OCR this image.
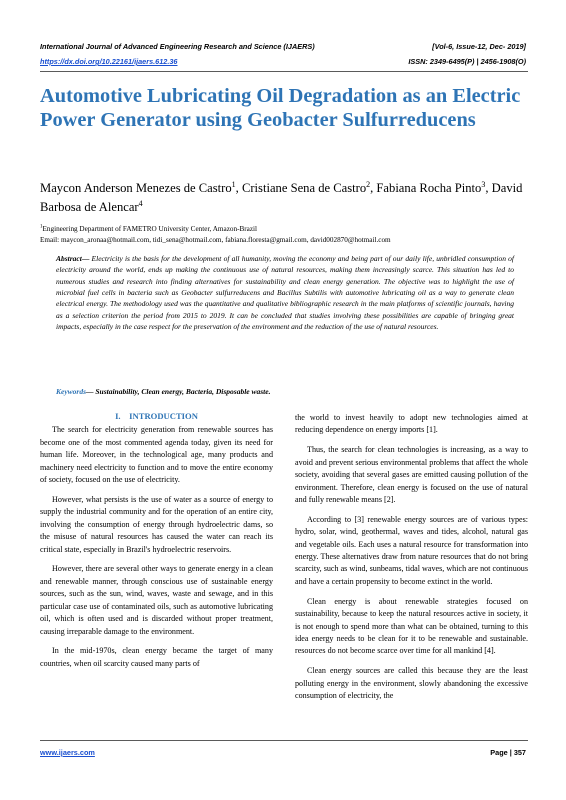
International Journal of Advanced Engineering Research and Science (IJAERS)	[Vol-6, Issue-12, Dec- 2019]
https://dx.doi.org/10.22161/ijaers.612.36	ISSN: 2349-6495(P) | 2456-1908(O)
Automotive Lubricating Oil Degradation as an Electric Power Generator using Geobacter Sulfurreducens
Maycon Anderson Menezes de Castro$^1$, Cristiane Sena de Castro$^2$, Fabiana Rocha Pinto$^3$, David Barbosa de Alencar$^4$
$^1$Engineering Department of FAMETRO University Center, Amazon-Brazil
Email: maycon_aronaa@hotmail.com, tidi_sena@hotmail.com, fabiana.floresta@gmail.com, david002870@hotmail.com
Abstract— Electricity is the basis for the development of all humanity, moving the economy and being part of our daily life, unbridled consumption of electricity around the world, ends up making the continuous use of natural resources, making them increasingly scarce. This situation has led to numerous studies and research into finding alternatives for sustainability and clean energy generation. The objective was to highlight the use of microbial fuel cells in bacteria such as Geobacter sulfurreducens and Bacillus Subtilis with automotive lubricating oil as a way to generate clean electrical energy. The methodology used was the quantitative and qualitative bibliographic research in the main platforms of scientific journals, having as a selection criterion the period from 2015 to 2019. It can be concluded that studies involving these possibilities are capable of bringing great impacts, especially in the case respect for the preservation of the environment and the reduction of the use of natural resources.
Keywords— Sustainability, Clean energy, Bacteria, Disposable waste.
I. INTRODUCTION

The search for electricity generation from renewable sources has become one of the most commented agenda today, given its need for human life. Moreover, in the technological age, many products and machinery need electricity to function and to move the entire economy of society, focused on the use of electricity.

However, what persists is the use of water as a source of energy to supply the industrial community and for the operation of an entire city, involving the consumption of energy through hydroelectric dams, so the misuse of natural resources has caused the water can reach its critical state, especially in Brazil's hydroelectric reservoirs.

However, there are several other ways to generate energy in a clean and renewable manner, through conscious use of sustainable energy sources, such as the sun, wind, waves, waste and sewage, and in this particular case use of contaminated oils, such as automotive lubricating oil, which is often used and is discarded without proper treatment, causing irreparable damage to the environment.

In the mid-1970s, clean energy became the target of many countries, when oil scarcity caused many parts of

the world to invest heavily to adopt new technologies aimed at reducing dependence on energy imports [1].

Thus, the search for clean technologies is increasing, as a way to avoid and prevent serious environmental problems that affect the whole society, avoiding that several gases are emitted causing pollution of the environment. Therefore, clean energy is focused on the use of natural and fully renewable means [2].

According to [3] renewable energy sources are of various types: hydro, solar, wind, geothermal, waves and tides, alcohol, natural gas and vegetable oils. Each uses a natural resource for transformation into energy. These alternatives draw from nature resources that do not bring scarcity, such as wind, sunbeams, tidal waves, which are not continuous and have a certain propensity to become extinct in the world.

Clean energy is about renewable strategies focused on sustainability, because to keep the natural resources active in society, it is not enough to spend more than what can be obtained, turning to this idea energy needs to be clean for it to be renewable and sustainable. resources do not become scarce over time for all mankind [4].

Clean energy sources are called this because they are the least polluting energy in the environment, slowly abandoning the excessive consumption of electricity, the

www.ijaers.com	Page | 357
